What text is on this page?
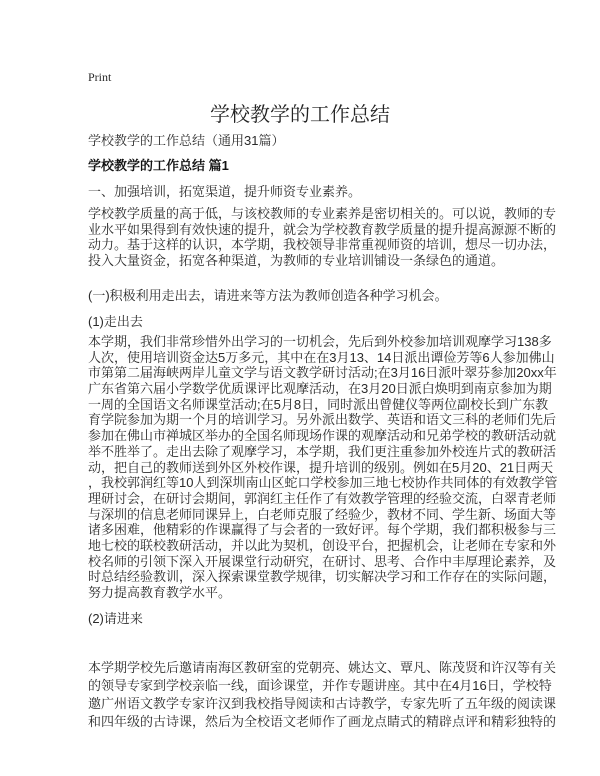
Print
学校教学的工作总结
学校教学的工作总结（通用31篇）
学校教学的工作总结 篇1
一、加强培训，拓宽渠道，提升师资专业素养。
学校教学质量的高于低，与该校教师的专业素养是密切相关的。可以说，教师的专
业水平如果得到有效快速的提升，就会为学校教育教学质量的提升提高源源不断的
动力。基于这样的认识，本学期，我校领导非常重视师资的培训，想尽一切办法，
投入大量资金，拓宽各种渠道，为教师的专业培训铺设一条绿色的通道。
(一)积极利用走出去，请进来等方法为教师创造各种学习机会。
(1)走出去
本学期，我们非常珍惜外出学习的一切机会，先后到外校参加培训观摩学习138多
人次，使用培训资金达5万多元，其中在在3月13、14日派出谭俭芳等6人参加佛山
市第第二届海峡两岸儿童文学与语文教学研讨活动;在3月16日派叶翠芬参加20xx年
广东省第六届小学数学优质课评比观摩活动，在3月20日派白焕明到南京参加为期
一周的全国语文名师课堂活动;在5月8日，同时派出曾健仪等两位副校长到广东教
育学院参加为期一个月的培训学习。另外派出数学、英语和语文三科的老师们先后
参加在佛山市禅城区举办的全国名师现场作课的观摩活动和兄弟学校的教研活动就
举不胜举了。走出去除了观摩学习，本学期，我们更注重参加外校连片式的教研活
动，把自己的教师送到外区外校作课，提升培训的级别。例如在5月20、21日两天
，我校郭润红等10人到深圳南山区蛇口学校参加三地七校协作共同体的有效教学管
理研讨会，在研讨会期间，郭润红主任作了有效教学管理的经验交流，白翠青老师
与深圳的信息老师同课异上，白老师克服了经验少，教材不同、学生新、场面大等
诸多困难，他精彩的作课赢得了与会者的一致好评。每个学期，我们都积极参与三
地七校的联校教研活动，并以此为契机，创设平台，把握机会，让老师在专家和外
校名师的引领下深入开展课堂行动研究，在研讨、思考、合作中丰厚理论素养，及
时总结经验教训，深入探索课堂教学规律，切实解决学习和工作存在的实际问题，
努力提高教育教学水平。
(2)请进来
本学期学校先后邀请南海区教研室的党朝亮、姚达文、覃凡、陈茂贤和许汉等有关
的领导专家到学校亲临一线，面诊课堂，并作专题讲座。其中在4月16日，学校特
邀广州语文教学专家许汉到我校指导阅读和古诗教学，专家先听了五年级的阅读课
和四年级的古诗课，然后为全校语文老师作了画龙点睛式的精辟点评和精彩独特的
